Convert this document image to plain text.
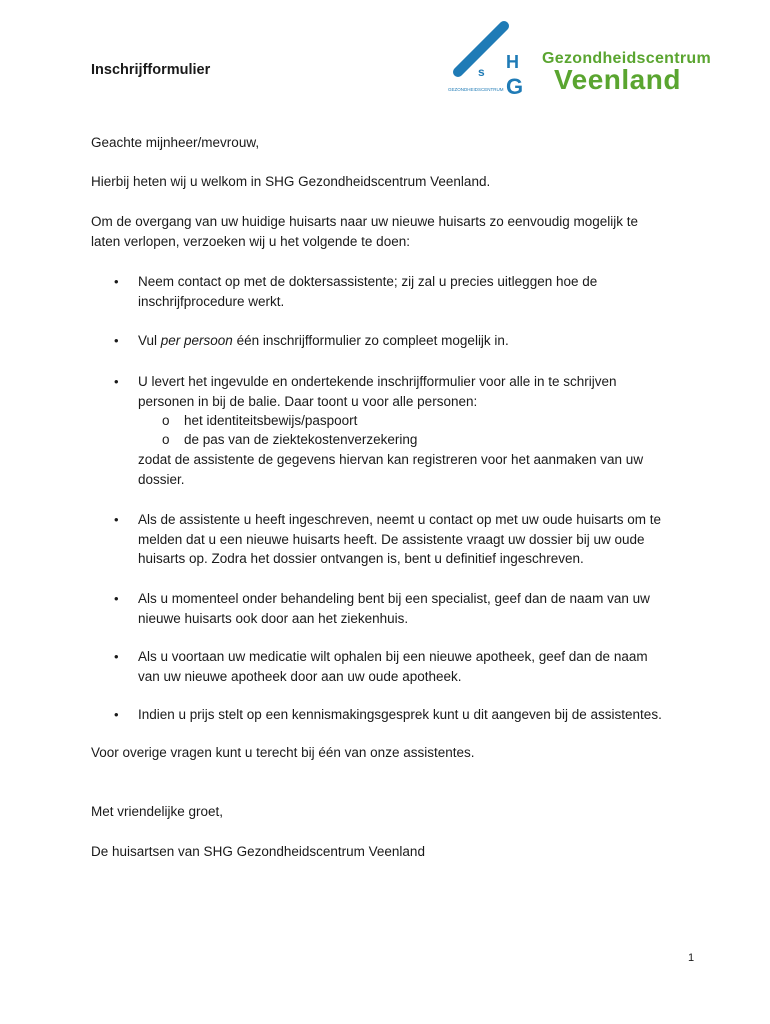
Inschrijfformulier	s H
G
GEZONDHEIDSCENTRUM
Gezondheidscentrum
Veenland

Geachte mijnheer/mevrouw,

Hierbij heten wij u welkom in SHG Gezondheidscentrum Veenland.

Om de overgang van uw huidige huisarts naar uw nieuwe huisarts zo eenvoudig mogelijk te
laten verlopen, verzoeken wij u het volgende te doen:

• Neem contact op met de doktersassistente; zij zal u precies uitleggen hoe de
inschrijfprocedure werkt.

• Vul per persoon één inschrijfformulier zo compleet mogelijk in.

• U levert het ingevulde en ondertekende inschrijfformulier voor alle in te schrijven
personen in bij de balie. Daar toont u voor alle personen:

o het identiteitsbewijs/paspoort
o de pas van de ziektekostenverzekering

zodat de assistente de gegevens hiervan kan registreren voor het aanmaken van uw
dossier.

• Als de assistente u heeft ingeschreven, neemt u contact op met uw oude huisarts om te
melden dat u een nieuwe huisarts heeft. De assistente vraagt uw dossier bij uw oude
huisarts op. Zodra het dossier ontvangen is, bent u definitief ingeschreven.

• Als u momenteel onder behandeling bent bij een specialist, geef dan de naam van uw
nieuwe huisarts ook door aan het ziekenhuis.

• Als u voortaan uw medicatie wilt ophalen bij een nieuwe apotheek, geef dan de naam
van uw nieuwe apotheek door aan uw oude apotheek.

• Indien u prijs stelt op een kennismakingsgesprek kunt u dit aangeven bij de assistentes.

Voor overige vragen kunt u terecht bij één van onze assistentes.

Met vriendelijke groet,

De huisartsen van SHG Gezondheidscentrum Veenland

1
